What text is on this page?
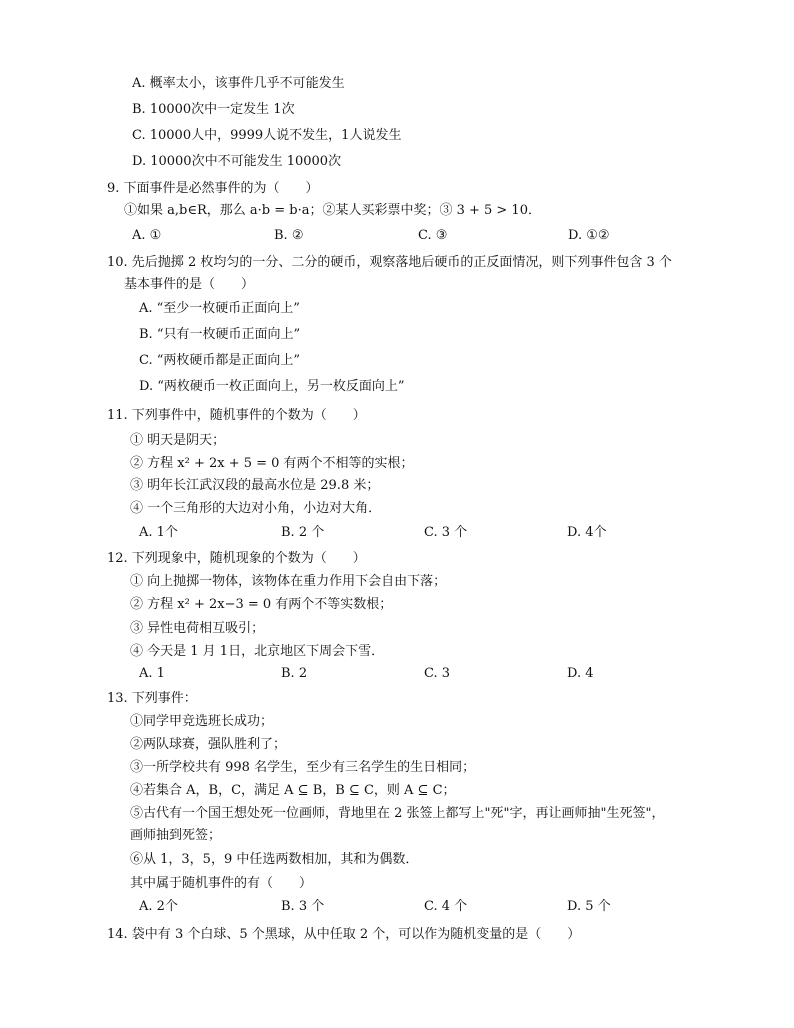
A. 概率太小，该事件几乎不可能发生
B. 10000次中一定发生 1次
C. 10000人中，9999人说不发生，1人说发生
D. 10000次中不可能发生 10000次
9. 下面事件是必然事件的为（　　）
①如果 a,b∈R，那么 a·b = b·a；②某人买彩票中奖；③ 3 + 5 > 10．
A. ①	B. ②	C. ③	D. ①②
10. 先后抛掷 2 枚均匀的一分、二分的硬币，观察落地后硬币的正反面情况，则下列事件包含 3 个
基本事件的是（　　）
A. “至少一枚硬币正面向上”
B. “只有一枚硬币正面向上”
C. “两枚硬币都是正面向上”
D. “两枚硬币一枚正面向上，另一枚反面向上”
11. 下列事件中，随机事件的个数为（　　）
① 明天是阴天；
② 方程 x² + 2x + 5 = 0 有两个不相等的实根；
③ 明年长江武汉段的最高水位是 29.8 米；
④ 一个三角形的大边对小角，小边对大角．
A. 1个	B. 2 个	C. 3 个	D. 4个
12. 下列现象中，随机现象的个数为（　　）
① 向上抛掷一物体，该物体在重力作用下会自由下落；
② 方程 x² + 2x−3 = 0 有两个不等实数根；
③ 异性电荷相互吸引；
④ 今天是 1 月 1日，北京地区下周会下雪．
A. 1	B. 2	C. 3	D. 4
13. 下列事件：
①同学甲竞选班长成功；
②两队球赛，强队胜利了；
③一所学校共有 998 名学生，至少有三名学生的生日相同；
④若集合 A，B，C，满足 A ⊆ B，B ⊆ C，则 A ⊆ C；
⑤古代有一个国王想处死一位画师，背地里在 2 张签上都写上"死"字，再让画师抽"生死签"，
画师抽到死签；
⑥从 1，3，5，9 中任选两数相加，其和为偶数．
其中属于随机事件的有（　　）
A. 2个	B. 3 个	C. 4 个	D. 5 个
14. 袋中有 3 个白球、5 个黑球，从中任取 2 个，可以作为随机变量的是（　　）
